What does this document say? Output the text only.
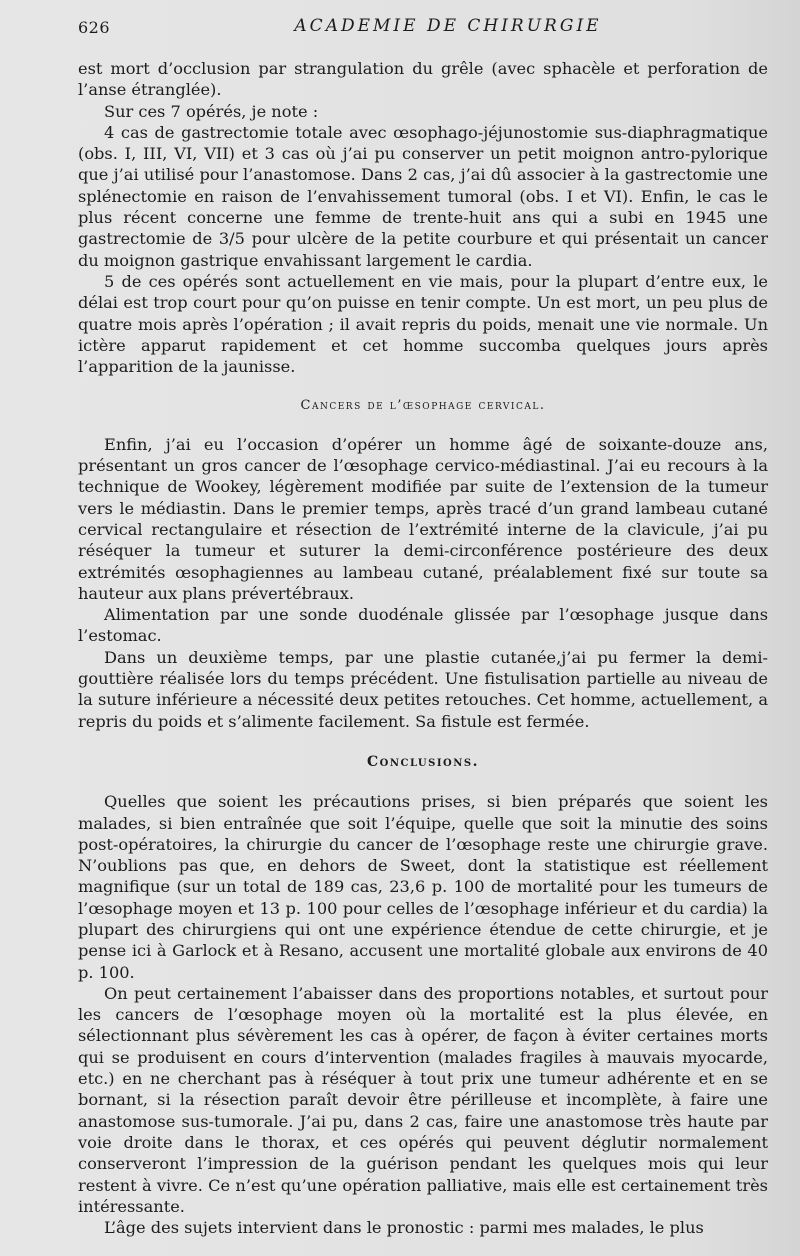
626	ACADEMIE DE CHIRURGIE

est mort d’occlusion par strangulation du grêle (avec sphacèle et perforation de l’anse étranglée).

Sur ces 7 opérés, je note :

4 cas de gastrectomie totale avec œsophago-jéjunostomie sus-diaphragmatique (obs. I, III, VI, VII) et 3 cas où j’ai pu conserver un petit moignon antro-pylorique que j’ai utilisé pour l’anastomose. Dans 2 cas, j’ai dû associer à la gastrectomie une splénectomie en raison de l’envahissement tumoral (obs. I et VI). Enfin, le cas le plus récent concerne une femme de trente-huit ans qui a subi en 1945 une gastrectomie de 3/5 pour ulcère de la petite courbure et qui présentait un cancer du moignon gastrique envahissant largement le cardia.

5 de ces opérés sont actuellement en vie mais, pour la plupart d’entre eux, le délai est trop court pour qu’on puisse en tenir compte. Un est mort, un peu plus de quatre mois après l’opération ; il avait repris du poids, menait une vie normale. Un ictère apparut rapidement et cet homme succomba quelques jours après l’apparition de la jaunisse.

Cancers de l’œsophage cervical.

Enfin, j’ai eu l’occasion d’opérer un homme âgé de soixante-douze ans, présentant un gros cancer de l’œsophage cervico-médiastinal. J’ai eu recours à la technique de Wookey, légèrement modifiée par suite de l’extension de la tumeur vers le médiastin. Dans le premier temps, après tracé d’un grand lambeau cutané cervical rectangulaire et résection de l’extrémité interne de la clavicule, j’ai pu réséquer la tumeur et suturer la demi-circonférence postérieure des deux extrémités œsophagiennes au lambeau cutané, préalablement fixé sur toute sa hauteur aux plans prévertébraux.

Alimentation par une sonde duodénale glissée par l’œsophage jusque dans l’estomac.

Dans un deuxième temps, par une plastie cutanée,j’ai pu fermer la demi-gouttière réalisée lors du temps précédent. Une fistulisation partielle au niveau de la suture inférieure a nécessité deux petites retouches. Cet homme, actuellement, a repris du poids et s’alimente facilement. Sa fistule est fermée.

Conclusions.

Quelles que soient les précautions prises, si bien préparés que soient les malades, si bien entraînée que soit l’équipe, quelle que soit la minutie des soins post-opératoires, la chirurgie du cancer de l’œsophage reste une chirurgie grave. N’oublions pas que, en dehors de Sweet, dont la statistique est réellement magnifique (sur un total de 189 cas, 23,6 p. 100 de mortalité pour les tumeurs de l’œsophage moyen et 13 p. 100 pour celles de l’œsophage inférieur et du cardia) la plupart des chirurgiens qui ont une expérience étendue de cette chirurgie, et je pense ici à Garlock et à Resano, accusent une mortalité globale aux environs de 40 p. 100.

On peut certainement l’abaisser dans des proportions notables, et surtout pour les cancers de l’œsophage moyen où la mortalité est la plus élevée, en sélectionnant plus sévèrement les cas à opérer, de façon à éviter certaines morts qui se produisent en cours d’intervention (malades fragiles à mauvais myocarde, etc.) en ne cherchant pas à réséquer à tout prix une tumeur adhérente et en se bornant, si la résection paraît devoir être périlleuse et incomplète, à faire une anastomose sus-tumorale. J’ai pu, dans 2 cas, faire une anastomose très haute par voie droite dans le thorax, et ces opérés qui peuvent déglutir normalement conserveront l’impression de la guérison pendant les quelques mois qui leur restent à vivre. Ce n’est qu’une opération palliative, mais elle est certainement très intéressante.

L’âge des sujets intervient dans le pronostic : parmi mes malades, le plus
